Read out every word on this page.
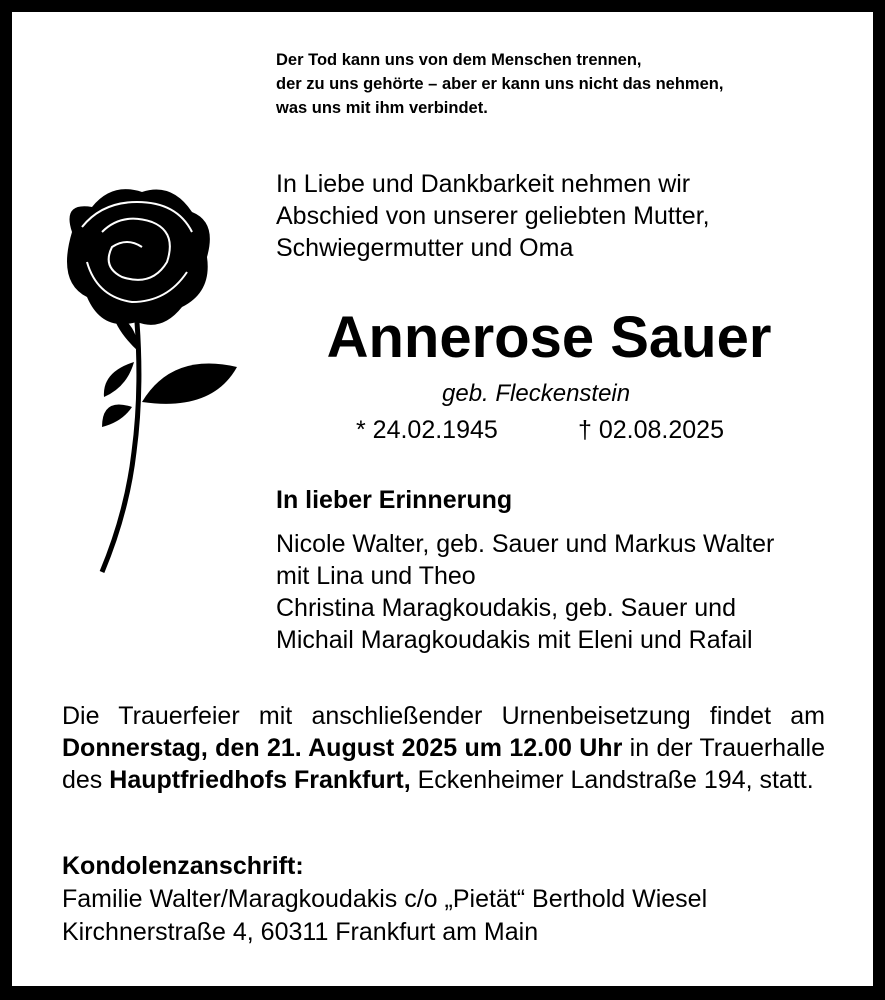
Der Tod kann uns von dem Menschen trennen,
der zu uns gehörte – aber er kann uns nicht das nehmen,
was uns mit ihm verbindet.
In Liebe und Dankbarkeit nehmen wir
Abschied von unserer geliebten Mutter,
Schwiegermutter und Oma
Annerose Sauer
geb. Fleckenstein
* 24.02.1945	† 02.08.2025
In lieber Erinnerung
Nicole Walter, geb. Sauer und Markus Walter
mit Lina und Theo
Christina Maragkoudakis, geb. Sauer und
Michail Maragkoudakis mit Eleni und Rafail
Die Trauerfeier mit anschließender Urnenbeisetzung findet am Donnerstag, den 21. August 2025 um 12.00 Uhr in der Trauerhalle des Hauptfriedhofs Frankfurt, Eckenheimer Landstraße 194, statt.
Kondolenzanschrift:
Familie Walter/Maragkoudakis c/o „Pietät“ Berthold Wiesel
Kirchnerstraße 4, 60311 Frankfurt am Main
